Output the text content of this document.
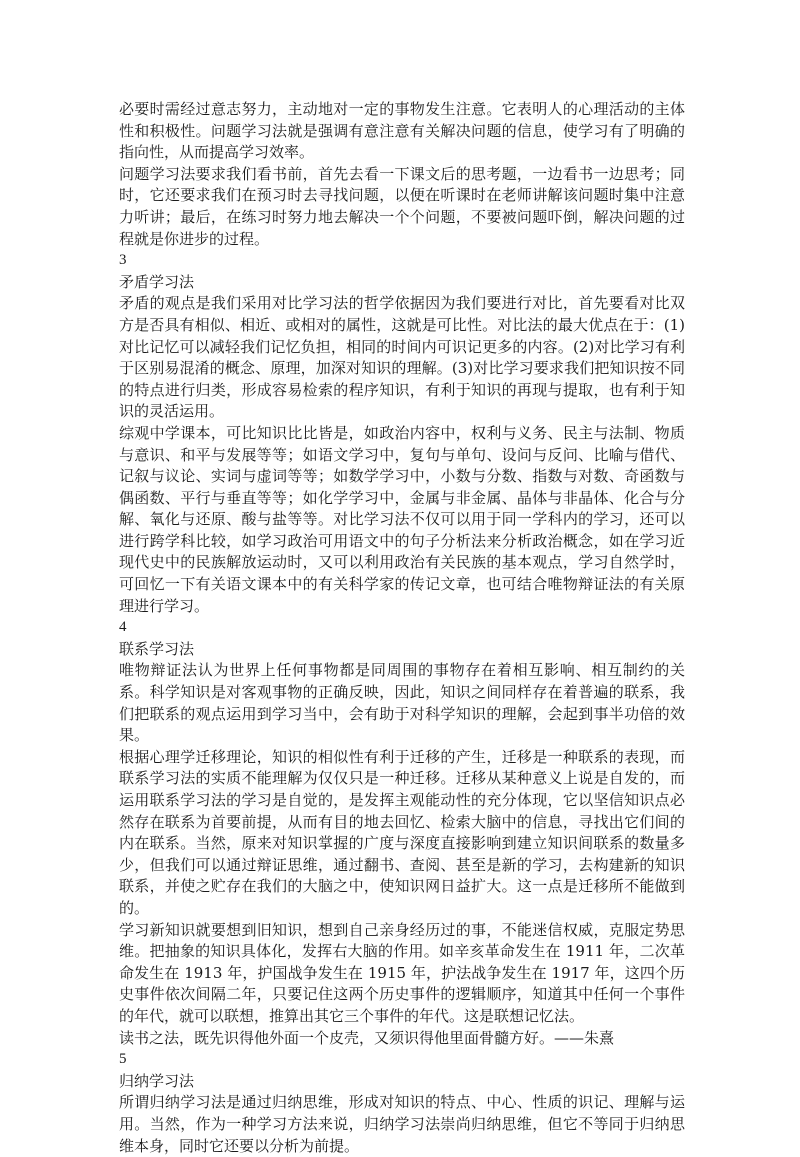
必要时需经过意志努力，主动地对一定的事物发生注意。它表明人的心理活动的主体性和积极性。问题学习法就是强调有意注意有关解决问题的信息，使学习有了明确的指向性，从而提高学习效率。

问题学习法要求我们看书前，首先去看一下课文后的思考题，一边看书一边思考；同时，它还要求我们在预习时去寻找问题，以便在听课时在老师讲解该问题时集中注意力听讲；最后，在练习时努力地去解决一个个问题，不要被问题吓倒，解决问题的过程就是你进步的过程。

3

矛盾学习法

矛盾的观点是我们采用对比学习法的哲学依据因为我们要进行对比，首先要看对比双方是否具有相似、相近、或相对的属性，这就是可比性。对比法的最大优点在于：(1)对比记忆可以减轻我们记忆负担，相同的时间内可识记更多的内容。(2)对比学习有利于区别易混淆的概念、原理，加深对知识的理解。(3)对比学习要求我们把知识按不同的特点进行归类，形成容易检索的程序知识，有利于知识的再现与提取，也有利于知识的灵活运用。

综观中学课本，可比知识比比皆是，如政治内容中，权利与义务、民主与法制、物质与意识、和平与发展等等；如语文学习中，复句与单句、设问与反问、比喻与借代、记叙与议论、实词与虚词等等；如数学学习中，小数与分数、指数与对数、奇函数与偶函数、平行与垂直等等；如化学学习中，金属与非金属、晶体与非晶体、化合与分解、氧化与还原、酸与盐等等。对比学习法不仅可以用于同一学科内的学习，还可以进行跨学科比较，如学习政治可用语文中的句子分析法来分析政治概念，如在学习近现代史中的民族解放运动时，又可以利用政治有关民族的基本观点，学习自然学时，可回忆一下有关语文课本中的有关科学家的传记文章，也可结合唯物辩证法的有关原理进行学习。

4

联系学习法

唯物辩证法认为世界上任何事物都是同周围的事物存在着相互影响、相互制约的关系。科学知识是对客观事物的正确反映，因此，知识之间同样存在着普遍的联系，我们把联系的观点运用到学习当中，会有助于对科学知识的理解，会起到事半功倍的效果。

根据心理学迁移理论，知识的相似性有利于迁移的产生，迁移是一种联系的表现，而联系学习法的实质不能理解为仅仅只是一种迁移。迁移从某种意义上说是自发的，而运用联系学习法的学习是自觉的，是发挥主观能动性的充分体现，它以坚信知识点必然存在联系为首要前提，从而有目的地去回忆、检索大脑中的信息，寻找出它们间的内在联系。当然，原来对知识掌握的广度与深度直接影响到建立知识间联系的数量多少，但我们可以通过辩证思维，通过翻书、查阅、甚至是新的学习，去构建新的知识联系，并使之贮存在我们的大脑之中，使知识网日益扩大。这一点是迁移所不能做到的。

学习新知识就要想到旧知识，想到自己亲身经历过的事，不能迷信权威，克服定势思维。把抽象的知识具体化，发挥右大脑的作用。如辛亥革命发生在 1911 年，二次革命发生在 1913 年，护国战争发生在 1915 年，护法战争发生在 1917 年，这四个历史事件依次间隔二年，只要记住这两个历史事件的逻辑顺序，知道其中任何一个事件的年代，就可以联想，推算出其它三个事件的年代。这是联想记忆法。

读书之法，既先识得他外面一个皮壳，又须识得他里面骨髓方好。——朱熹

5

归纳学习法

所谓归纳学习法是通过归纳思维，形成对知识的特点、中心、性质的识记、理解与运用。当然，作为一种学习方法来说，归纳学习法崇尚归纳思维，但它不等同于归纳思维本身，同时它还要以分析为前提。
